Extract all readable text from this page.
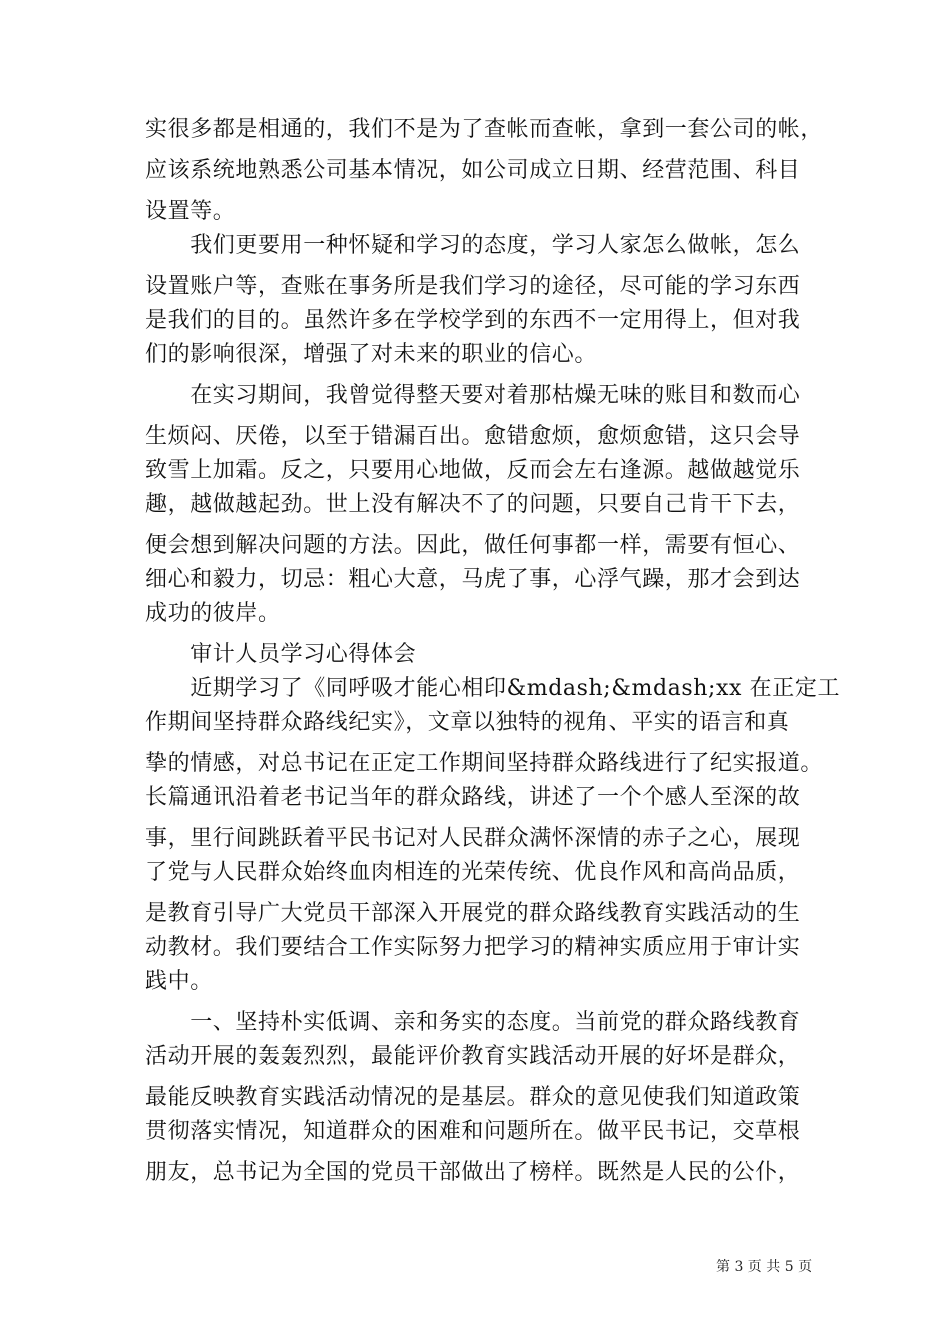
实很多都是相通的，我们不是为了查帐而查帐，拿到一套公司的帐，
应该系统地熟悉公司基本情况，如公司成立日期、经营范围、科目
设置等。
　　我们更要用一种怀疑和学习的态度，学习人家怎么做帐，怎么
设置账户等，查账在事务所是我们学习的途径，尽可能的学习东西
是我们的目的。虽然许多在学校学到的东西不一定用得上，但对我
们的影响很深，增强了对未来的职业的信心。
　　在实习期间，我曾觉得整天要对着那枯燥无味的账目和数而心
生烦闷、厌倦，以至于错漏百出。愈错愈烦，愈烦愈错，这只会导
致雪上加霜。反之，只要用心地做，反而会左右逢源。越做越觉乐
趣，越做越起劲。世上没有解决不了的问题，只要自己肯干下去，
便会想到解决问题的方法。因此，做任何事都一样，需要有恒心、
细心和毅力，切忌：粗心大意，马虎了事，心浮气躁，那才会到达
成功的彼岸。
　　审计人员学习心得体会
　　近期学习了《同呼吸才能心相印&mdash;&mdash;xx 在正定工
作期间坚持群众路线纪实》，文章以独特的视角、平实的语言和真
挚的情感，对总书记在正定工作期间坚持群众路线进行了纪实报道。
长篇通讯沿着老书记当年的群众路线，讲述了一个个感人至深的故
事，里行间跳跃着平民书记对人民群众满怀深情的赤子之心，展现
了党与人民群众始终血肉相连的光荣传统、优良作风和高尚品质，
是教育引导广大党员干部深入开展党的群众路线教育实践活动的生
动教材。我们要结合工作实际努力把学习的精神实质应用于审计实
践中。
　　一、坚持朴实低调、亲和务实的态度。当前党的群众路线教育
活动开展的轰轰烈烈，最能评价教育实践活动开展的好坏是群众，
最能反映教育实践活动情况的是基层。群众的意见使我们知道政策
贯彻落实情况，知道群众的困难和问题所在。做平民书记，交草根
朋友，总书记为全国的党员干部做出了榜样。既然是人民的公仆，
第 3 页 共 5 页
